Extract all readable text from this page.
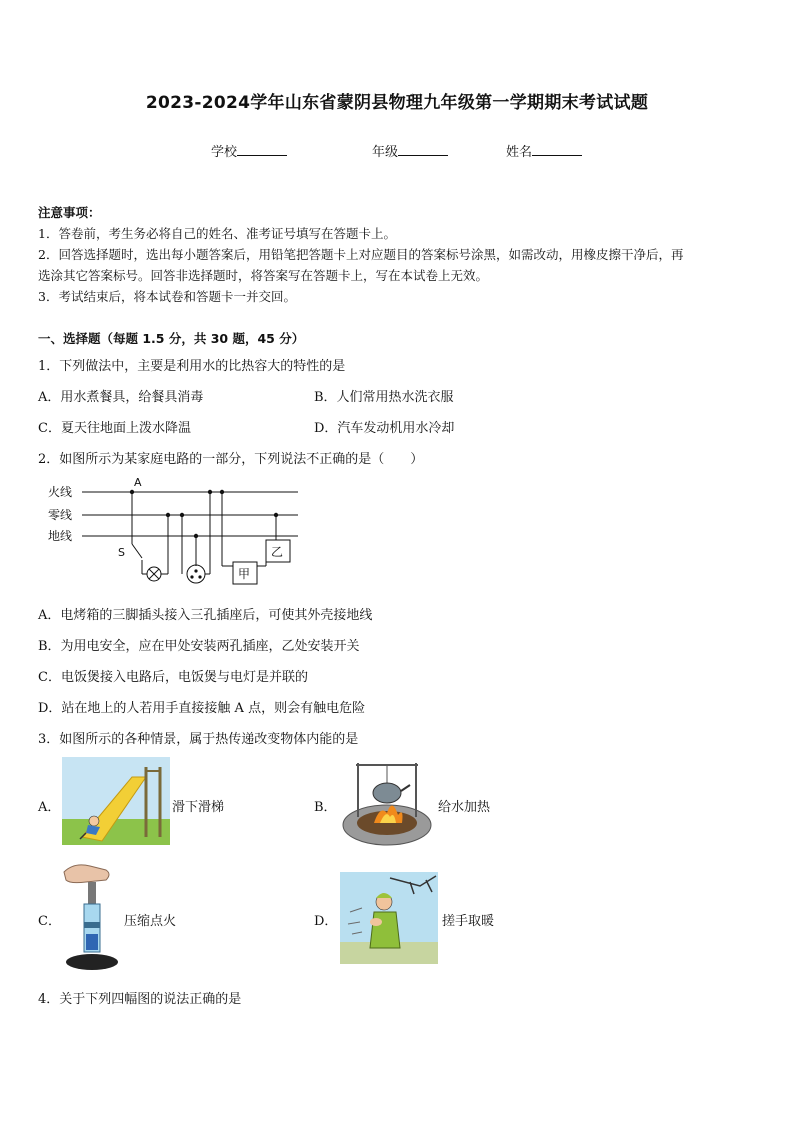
2023-2024学年山东省蒙阴县物理九年级第一学期期末考试试题
学校	年级	姓名
注意事项：
1．答卷前，考生务必将自己的姓名、准考证号填写在答题卡上。
2．回答选择题时，选出每小题答案后，用铅笔把答题卡上对应题目的答案标号涂黑，如需改动，用橡皮擦干净后，再
选涂其它答案标号。回答非选择题时，将答案写在答题卡上，写在本试卷上无效。
3．考试结束后，将本试卷和答题卡一并交回。
一、选择题（每题 1.5 分，共 30 题，45 分）
1．下列做法中，主要是利用水的比热容大的特性的是
A．用水煮餐具，给餐具消毒	B．人们常用热水洗衣服
C．夏天往地面上泼水降温	D．汽车发动机用水冷却
2．如图所示为某家庭电路的一部分，下列说法不正确的是（　　）
火线
零线
地线
A
S
甲
乙
A．电烤箱的三脚插头接入三孔插座后，可使其外壳接地线
B．为用电安全，应在甲处安装两孔插座，乙处安装开关
C．电饭煲接入电路后，电饭煲与电灯是并联的
D．站在地上的人若用手直接接触 A 点，则会有触电危险
3．如图所示的各种情景，属于热传递改变物体内能的是
A．	滑下滑梯	B．	给水加热
C．	压缩点火	D．	搓手取暖
4．关于下列四幅图的说法正确的是
